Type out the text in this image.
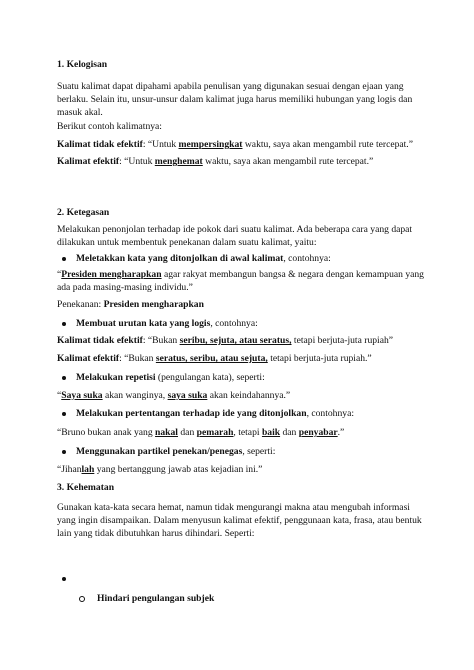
1. Kelogisan
Suatu kalimat dapat dipahami apabila penulisan yang digunakan sesuai dengan ejaan yang berlaku. Selain itu, unsur-unsur dalam kalimat juga harus memiliki hubungan yang logis dan masuk akal.
Berikut contoh kalimatnya:
Kalimat tidak efektif: “Untuk mempersingkat waktu, saya akan mengambil rute tercepat.”
Kalimat efektif: “Untuk menghemat waktu, saya akan mengambil rute tercepat.”
2. Ketegasan
Melakukan penonjolan terhadap ide pokok dari suatu kalimat. Ada beberapa cara yang dapat dilakukan untuk membentuk penekanan dalam suatu kalimat, yaitu:
Meletakkan kata yang ditonjolkan di awal kalimat, contohnya:
“Presiden mengharapkan agar rakyat membangun bangsa & negara dengan kemampuan yang ada pada masing-masing individu.”
Penekanan: Presiden mengharapkan
Membuat urutan kata yang logis, contohnya:
Kalimat tidak efektif: “Bukan seribu, sejuta, atau seratus, tetapi berjuta-juta rupiah”
Kalimat efektif: “Bukan seratus, seribu, atau sejuta, tetapi berjuta-juta rupiah.”
Melakukan repetisi (pengulangan kata), seperti:
“Saya suka akan wanginya, saya suka akan keindahannya.”
Melakukan pertentangan terhadap ide yang ditonjolkan, contohnya:
“Bruno bukan anak yang nakal dan pemarah, tetapi baik dan penyabar.”
Menggunakan partikel penekan/penegas, seperti:
“Jihanlah yang bertanggung jawab atas kejadian ini.”
3. Kehematan
Gunakan kata-kata secara hemat, namun tidak mengurangi makna atau mengubah informasi yang ingin disampaikan. Dalam menyusun kalimat efektif, penggunaan kata, frasa, atau bentuk lain yang tidak dibutuhkan harus dihindari. Seperti:
Hindari pengulangan subjek
